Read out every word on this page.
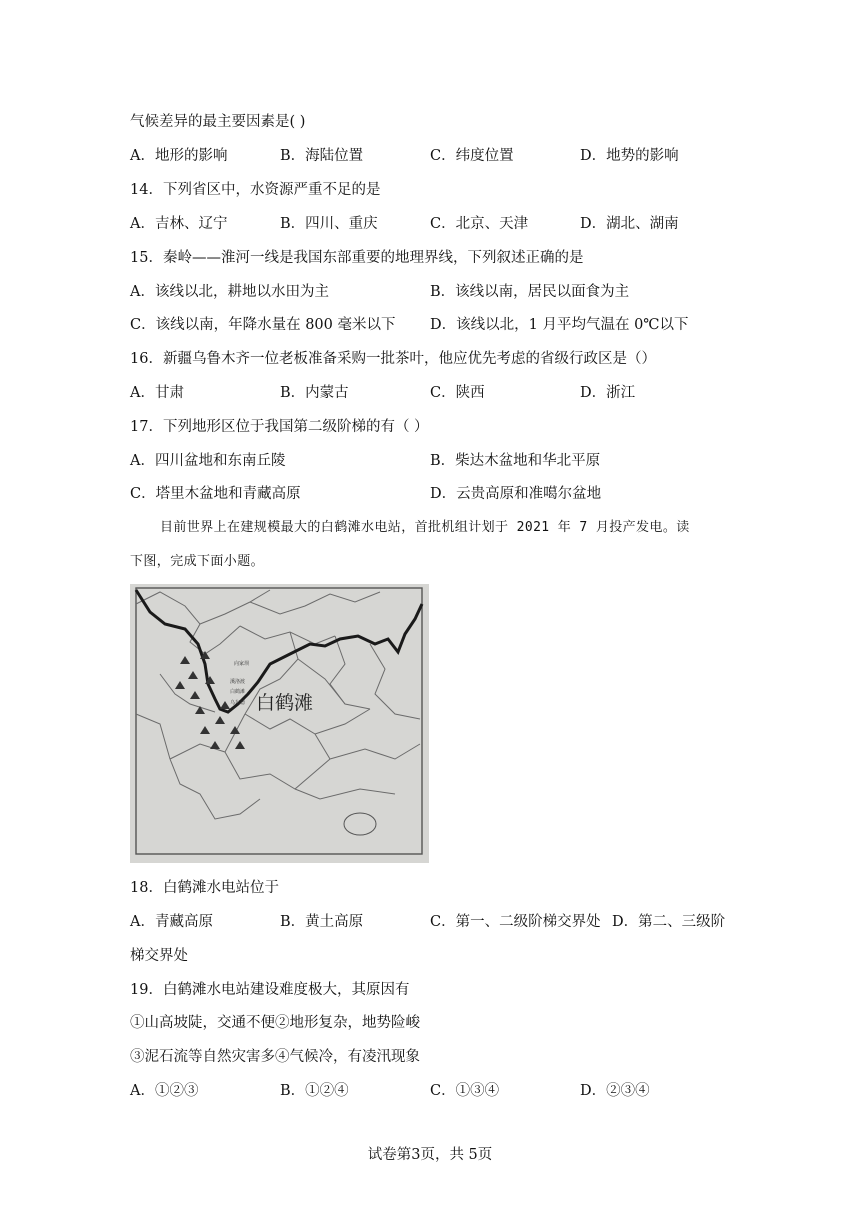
气候差异的最主要因素是( )
A．地形的影响	B．海陆位置	C．纬度位置	D．地势的影响
14．下列省区中，水资源严重不足的是
A．吉林、辽宁	B．四川、重庆	C．北京、天津	D．湖北、湖南
15．秦岭——淮河一线是我国东部重要的地理界线，下列叙述正确的是
A．该线以北，耕地以水田为主	B．该线以南，居民以面食为主
C．该线以南，年降水量在 800 毫米以下 D．该线以北，1 月平均气温在 0℃以下
16．新疆乌鲁木齐一位老板准备采购一批茶叶，他应优先考虑的省级行政区是（）
A．甘肃	B．内蒙古	C．陕西	D．浙江
17．下列地形区位于我国第二级阶梯的有（ ）
A．四川盆地和东南丘陵	B．柴达木盆地和华北平原
C．塔里木盆地和青藏高原	D．云贵高原和准噶尔盆地
目前世界上在建规模最大的白鹤滩水电站，首批机组计划于 2021 年 7 月投产发电。读
下图，完成下面小题。
白鹤滩
向家坝
溪洛渡
白鹤滩
乌东德
18．白鹤滩水电站位于
A．青藏高原	B．黄土高原	C．第一、二级阶梯交界处 D．第二、三级阶
梯交界处
19．白鹤滩水电站建设难度极大，其原因有
①山高坡陡，交通不便②地形复杂，地势险峻
③泥石流等自然灾害多④气候冷，有凌汛现象
A．①②③	B．①②④	C．①③④	D．②③④
试卷第3页，共 5页
